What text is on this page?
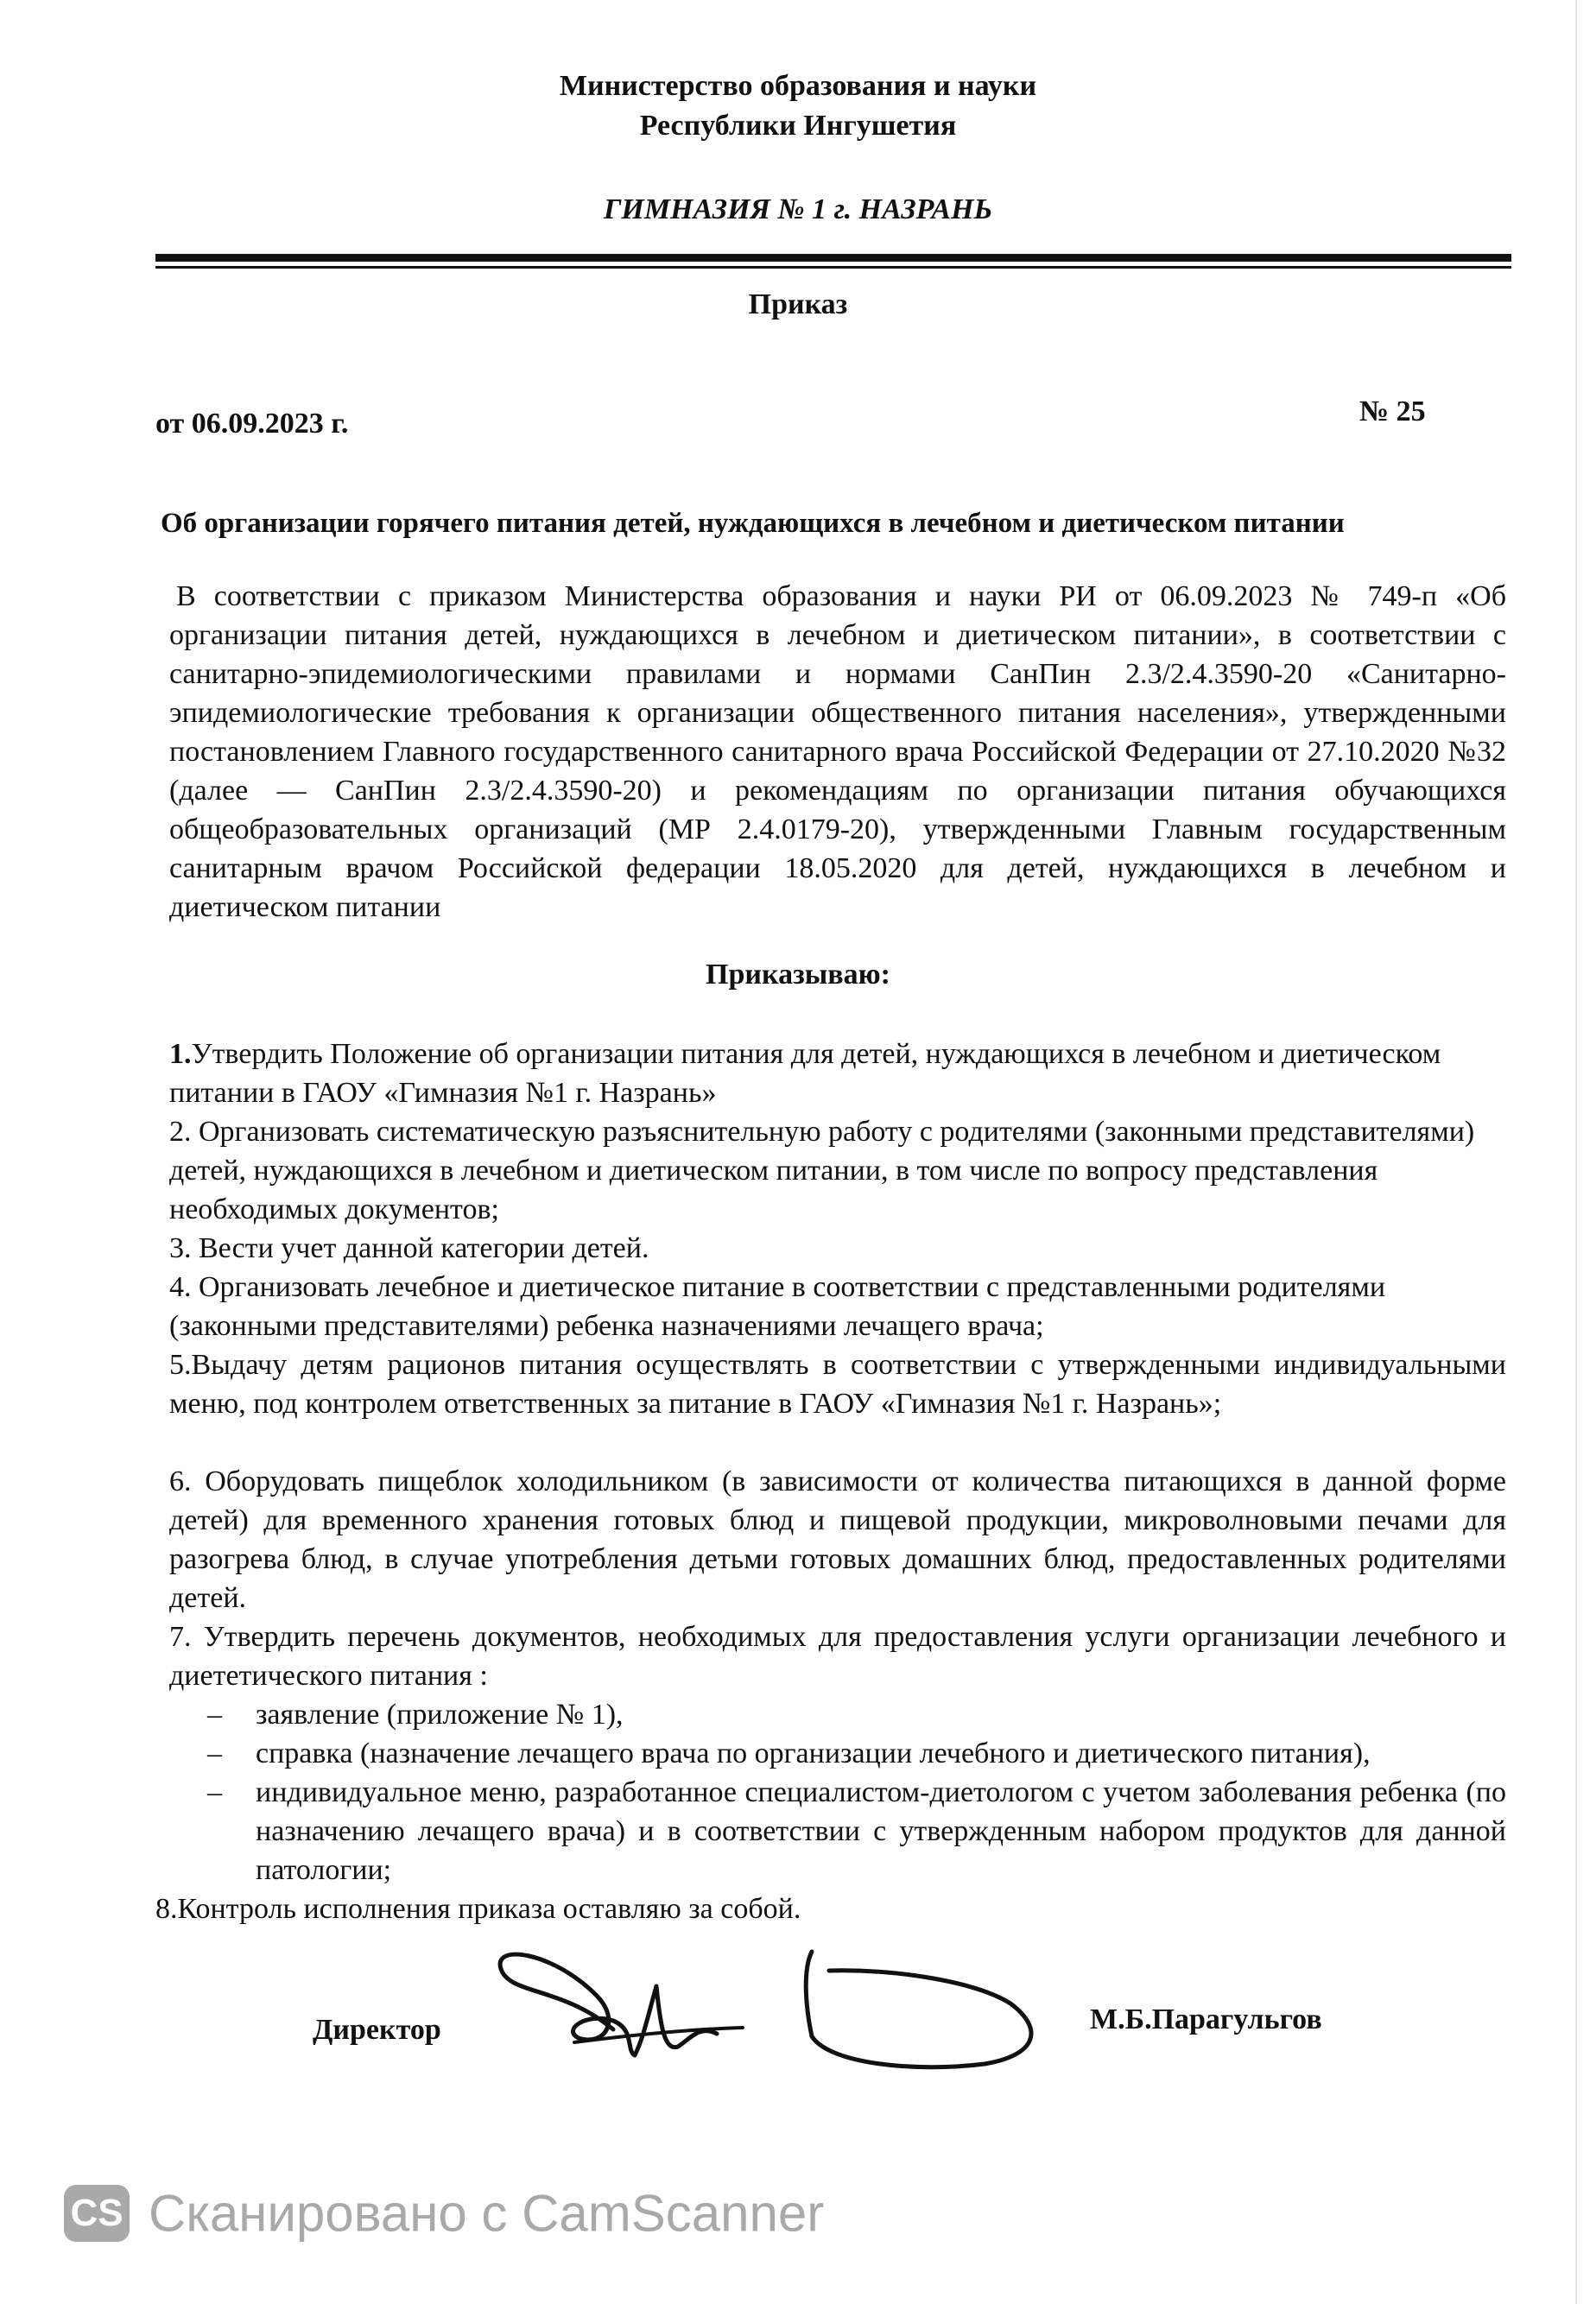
Министерство образования и науки
Республики Ингушетия
ГИМНАЗИЯ № 1 г. НАЗРАНЬ
Приказ
от 06.09.2023 г.	№ 25
Об организации горячего питания детей, нуждающихся в лечебном и диетическом питании

В соответствии с приказом Министерства образования и науки РИ от 06.09.2023 № 749-п «Об организации питания детей, нуждающихся в лечебном и диетическом питании», в соответствии с санитарно-эпидемиологическими правилами и нормами СанПин 2.3/2.4.3590-20 «Санитарно-эпидемиологические требования к организации общественного питания населения», утвержденными постановлением Главного государственного санитарного врача Российской Федерации от 27.10.2020 №32 (далее — СанПин 2.3/2.4.3590-20) и рекомендациям по организации питания обучающихся общеобразовательных организаций (МР 2.4.0179-20), утвержденными Главным государственным санитарным врачом Российской федерации 18.05.2020 для детей, нуждающихся в лечебном и диетическом питании

Приказываю:

1.Утвердить Положение об организации питания для детей, нуждающихся в лечебном и диетическом питании в ГАОУ «Гимназия №1 г. Назрань»

2. Организовать систематическую разъяснительную работу с родителями (законными представителями) детей, нуждающихся в лечебном и диетическом питании, в том числе по вопросу представления необходимых документов;

3. Вести учет данной категории детей.

4. Организовать лечебное и диетическое питание в соответствии с представленными родителями (законными представителями) ребенка назначениями лечащего врача;

5.Выдачу детям рационов питания осуществлять в соответствии с утвержденными индивидуальными меню, под контролем ответственных за питание в ГАОУ «Гимназия №1 г. Назрань»;

6. Оборудовать пищеблок холодильником (в зависимости от количества питающихся в данной форме детей) для временного хранения готовых блюд и пищевой продукции, микроволновыми печами для разогрева блюд, в случае употребления детьми готовых домашних блюд, предоставленных родителями детей.

7. Утвердить перечень документов, необходимых для предоставления услуги организации лечебного и диететического питания :

– заявление (приложение № 1),
– справка (назначение лечащего врача по организации лечебного и диетического питания),
– индивидуальное меню, разработанное специалистом-диетологом с учетом заболевания ребенка (по назначению лечащего врача) и в соответствии с утвержденным набором продуктов для данной патологии;

8.Контроль исполнения приказа оставляю за собой.

Директор	М.Б.Парагульгов
CS Сканировано с CamScanner
